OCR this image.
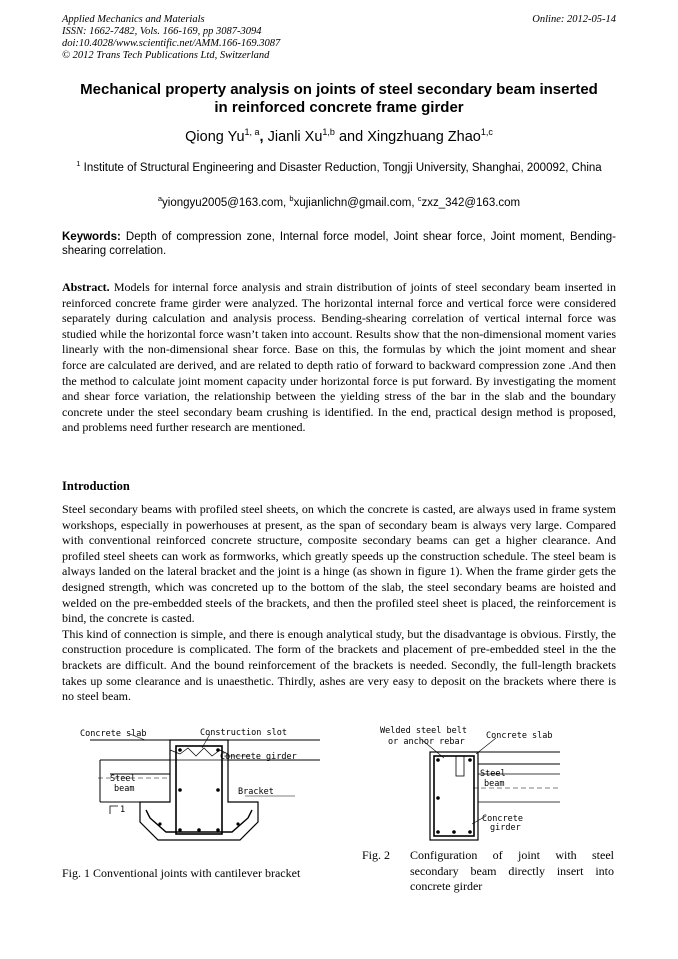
Applied Mechanics and Materials
ISSN: 1662-7482, Vols. 166-169, pp 3087-3094
doi:10.4028/www.scientific.net/AMM.166-169.3087
© 2012 Trans Tech Publications Ltd, Switzerland
Online: 2012-05-14
Mechanical property analysis on joints of steel secondary beam inserted
in reinforced concrete frame girder
Qiong Yu$^{1, a}$, Jianli Xu$^{1,b}$ and Xingzhuang Zhao$^{1,c}$
$^1$ Institute of Structural Engineering and Disaster Reduction, Tongji University, Shanghai, 200092, China
$^a$yiongyu2005@163.com, $^b$xujianlichn@gmail.com, $^c$zxz_342@163.com
Keywords: Depth of compression zone, Internal force model, Joint shear force, Joint moment, Bending-shearing correlation.
Abstract. Models for internal force analysis and strain distribution of joints of steel secondary beam inserted in reinforced concrete frame girder were analyzed. The horizontal internal force and vertical force were considered separately during calculation and analysis process. Bending-shearing correlation of vertical internal force was studied while the horizontal force wasn’t taken into account. Results show that the non-dimensional moment varies linearly with the non-dimensional shear force. Base on this, the formulas by which the joint moment and shear force are calculated are derived, and are related to depth ratio of forward to backward compression zone .And then the method to calculate joint moment capacity under horizontal force is put forward. By investigating the moment and shear force variation, the relationship between the yielding stress of the bar in the slab and the boundary concrete under the steel secondary beam crushing is identified. In the end, practical design method is proposed, and problems need further research are mentioned.
Introduction
Steel secondary beams with profiled steel sheets, on which the concrete is casted, are always used in frame system workshops, especially in powerhouses at present, as the span of secondary beam is always very large. Compared with conventional reinforced concrete structure, composite secondary beams can get a higher clearance. And profiled steel sheets can work as formworks, which greatly speeds up the construction schedule. The steel beam is always landed on the lateral bracket and the joint is a hinge (as shown in figure 1). When the frame girder gets the designed strength, which was concreted up to the bottom of the slab, the steel secondary beams are hoisted and welded on the pre-embedded steels of the brackets, and then the profiled steel sheet is placed, the reinforcement is bind, the concrete is casted.
This kind of connection is simple, and there is enough analytical study, but the disadvantage is obvious. Firstly, the construction procedure is complicated. The form of the brackets and placement of pre-embedded steel in the the brackets are difficult. And the bound reinforcement of the brackets is needed. Secondly, the full-length brackets takes up some clearance and is unaesthetic. Thirdly, ashes are very easy to deposit on the brackets where there is no steel beam.
Concrete slab	Construction slot
Concrete girder
Steel
beam	Bracket
1
Fig. 1 Conventional joints with cantilever bracket
Welded steel belt
or anchor rebar
Concrete slab
Steel
beam
Concrete
girder
Fig. 2 Configuration of joint with steel secondary beam directly insert into concrete girder
